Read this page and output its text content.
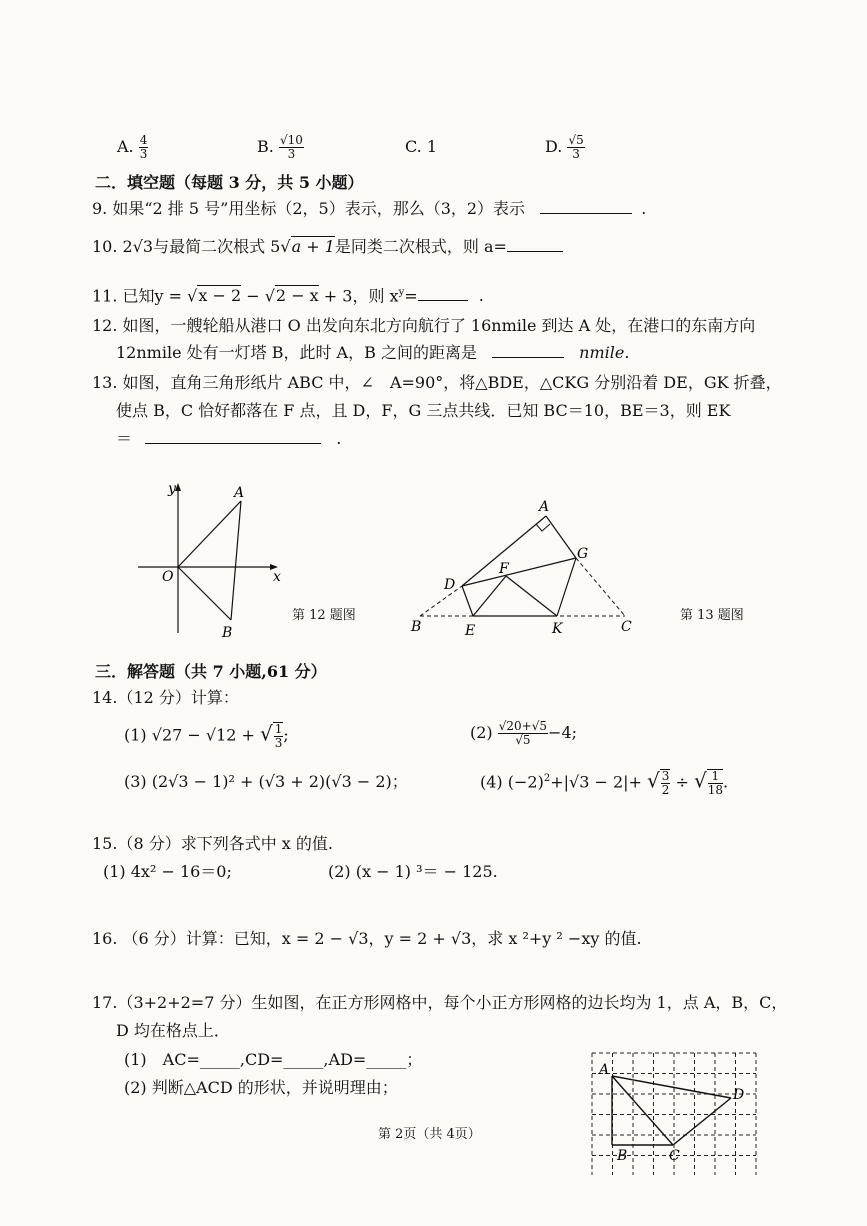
A. $\frac{4}{3}$	B. $\frac{√10}{3}$	C. 1	D. $\frac{√5}{3}$
二．填空题（每题 3 分，共 5 小题）
9. 如果“2 排 5 号”用坐标（2，5）表示，那么（3，2）表示	.
10. 2√3与最简二次根式 5√a + 1是同类二次根式，则 a=
11. 已知y = √x − 2 − √2 − x + 3，则 $x^y=$	.
12. 如图，一艘轮船从港口 O 出发向东北方向航行了 16nmile 到达 A 处，在港口的东南方向
12nmile 处有一灯塔 B，此时 A，B 之间的距离是	nmile.
13. 如图，直角三角形纸片 ABC 中，∠　A=90°，将△BDE，△CKG 分别沿着 DE，GK 折叠，
使点 B，C 恰好都落在 F 点，且 D，F，G 三点共线．已知 BC＝10，BE＝3，则 EK
＝	.
y
x
O
A
B
第 12 题图
A
B	C
D
E
F
G
K
第 13 题图
三．解答题（共 7 小题,61 分）
14.（12 分）计算：
(1) √27 − √12 + √ $\frac{1}{3}$ ;	$(2) \frac{√20+√5}{√5} -4$;
(3) (2√3 − 1)² + (√3 + 2)(√3 − 2)；	(4) $(-2)^2+|√3 - 2|+$ √ $\frac{3}{2}$ ÷ √ $\frac{1}{18}$ .
15.（8 分）求下列各式中 x 的值.
(1) 4x² − 16＝0;	(2) (x − 1) ³＝ − 125.
16. （6 分）计算：已知，x = 2 − √3，y = 2 + √3，求 x ²+y ² −xy 的值.
17.（3+2+2=7 分）生如图，在正方形网格中，每个小正方形网格的边长均为 1，点 A，B，C，
D 均在格点上．
(1)　AC=_____,CD=_____,AD=_____；
(2) 判断△ACD 的形状，并说明理由；
A
B	C
D
第 2页（共 4页）
